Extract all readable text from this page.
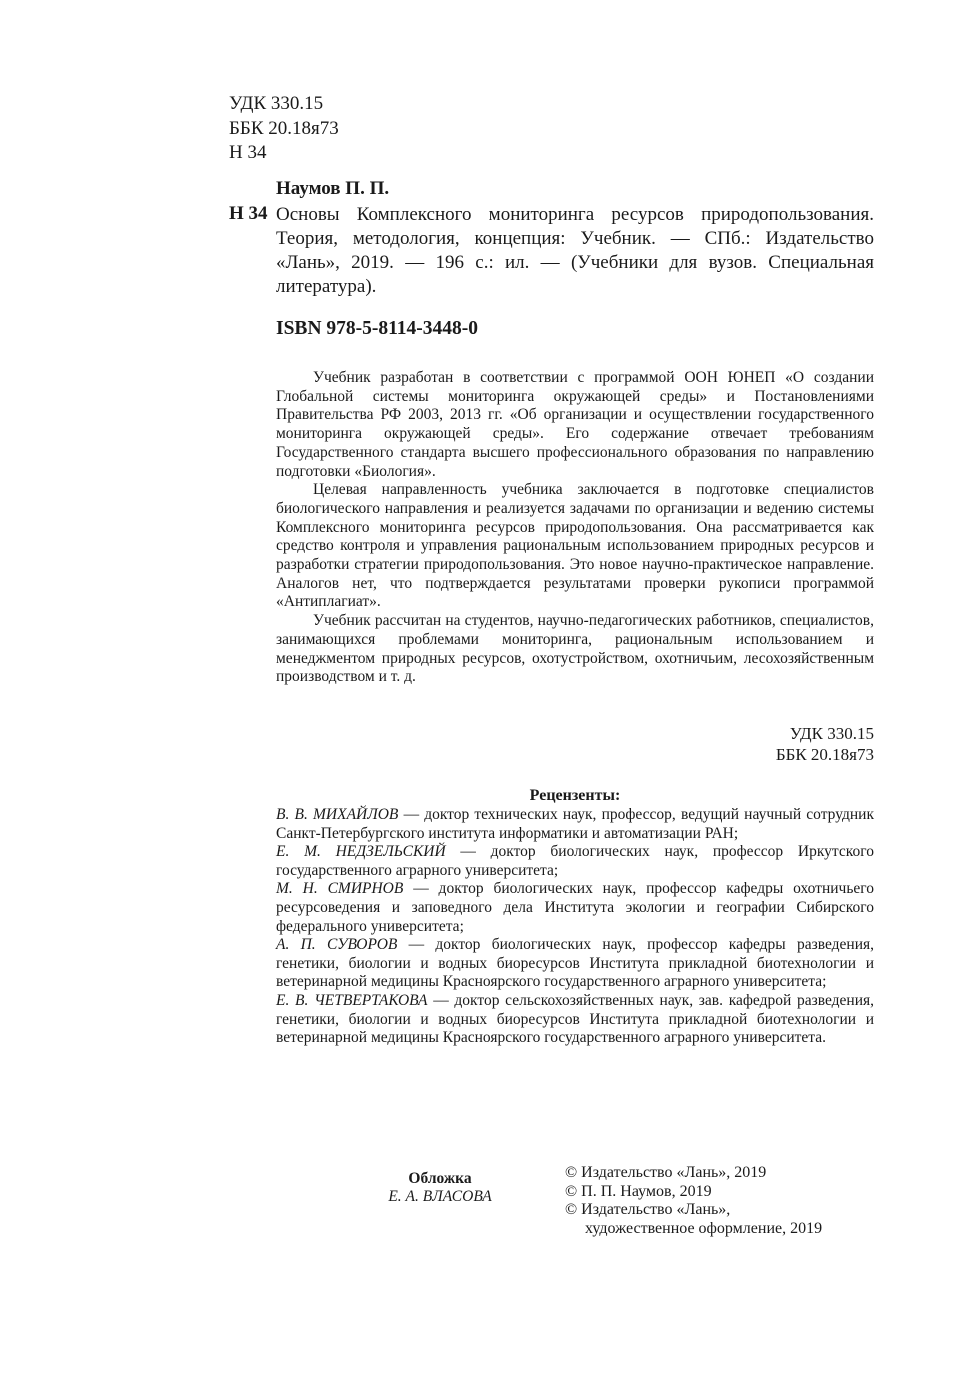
УДК 330.15
ББК 20.18я73
Н 34
Наумов П. П.
Н 34 Основы Комплексного мониторинга ресурсов природопользования. Теория, методология, концепция: Учебник. — СПб.: Издательство «Лань», 2019. — 196 с.: ил. — (Учебники для вузов. Специальная литература).
ISBN 978-5-8114-3448-0

Учебник разработан в соответствии с программой ООН ЮНЕП «О создании Глобальной системы мониторинга окружающей среды» и Постановлениями Правительства РФ 2003, 2013 гг. «Об организации и осуществлении государственного мониторинга окружающей среды». Его содержание отвечает требованиям Государственного стандарта высшего профессионального образования по направлению подготовки «Биология».

Целевая направленность учебника заключается в подготовке специалистов биологического направления и реализуется задачами по организации и ведению системы Комплексного мониторинга ресурсов природопользования. Она рассматривается как средство контроля и управления рациональным использованием природных ресурсов и разработки стратегии природопользования. Это новое научно-практическое направление. Аналогов нет, что подтверждается результатами проверки рукописи программой «Антиплагиат».

Учебник рассчитан на студентов, научно-педагогических работников, специалистов, занимающихся проблемами мониторинга, рациональным использованием и менеджментом природных ресурсов, охотустройством, охотничьим, лесохозяйственным производством и т. д.

УДК 330.15
ББК 20.18я73
Рецензенты:

В. В. МИХАЙЛОВ — доктор технических наук, профессор, ведущий научный сотрудник Санкт-Петербургского института информатики и автоматизации РАН;

Е. М. НЕДЗЕЛЬСКИЙ — доктор биологических наук, профессор Иркутского государственного аграрного университета;

М. Н. СМИРНОВ — доктор биологических наук, профессор кафедры охотничьего ресурсоведения и заповедного дела Института экологии и географии Сибирского федерального университета;

А. П. СУВОРОВ — доктор биологических наук, профессор кафедры разведения, генетики, биологии и водных биоресурсов Института прикладной биотехнологии и ветеринарной медицины Красноярского государственного аграрного университета;

Е. В. ЧЕТВЕРТАКОВА — доктор сельскохозяйственных наук, зав. кафедрой разведения, генетики, биологии и водных биоресурсов Института прикладной биотехнологии и ветеринарной медицины Красноярского государственного аграрного университета.

Обложка
Е. А. ВЛАСОВА
© Издательство «Лань», 2019
© П. П. Наумов, 2019
© Издательство «Лань»,
художественное оформление, 2019
